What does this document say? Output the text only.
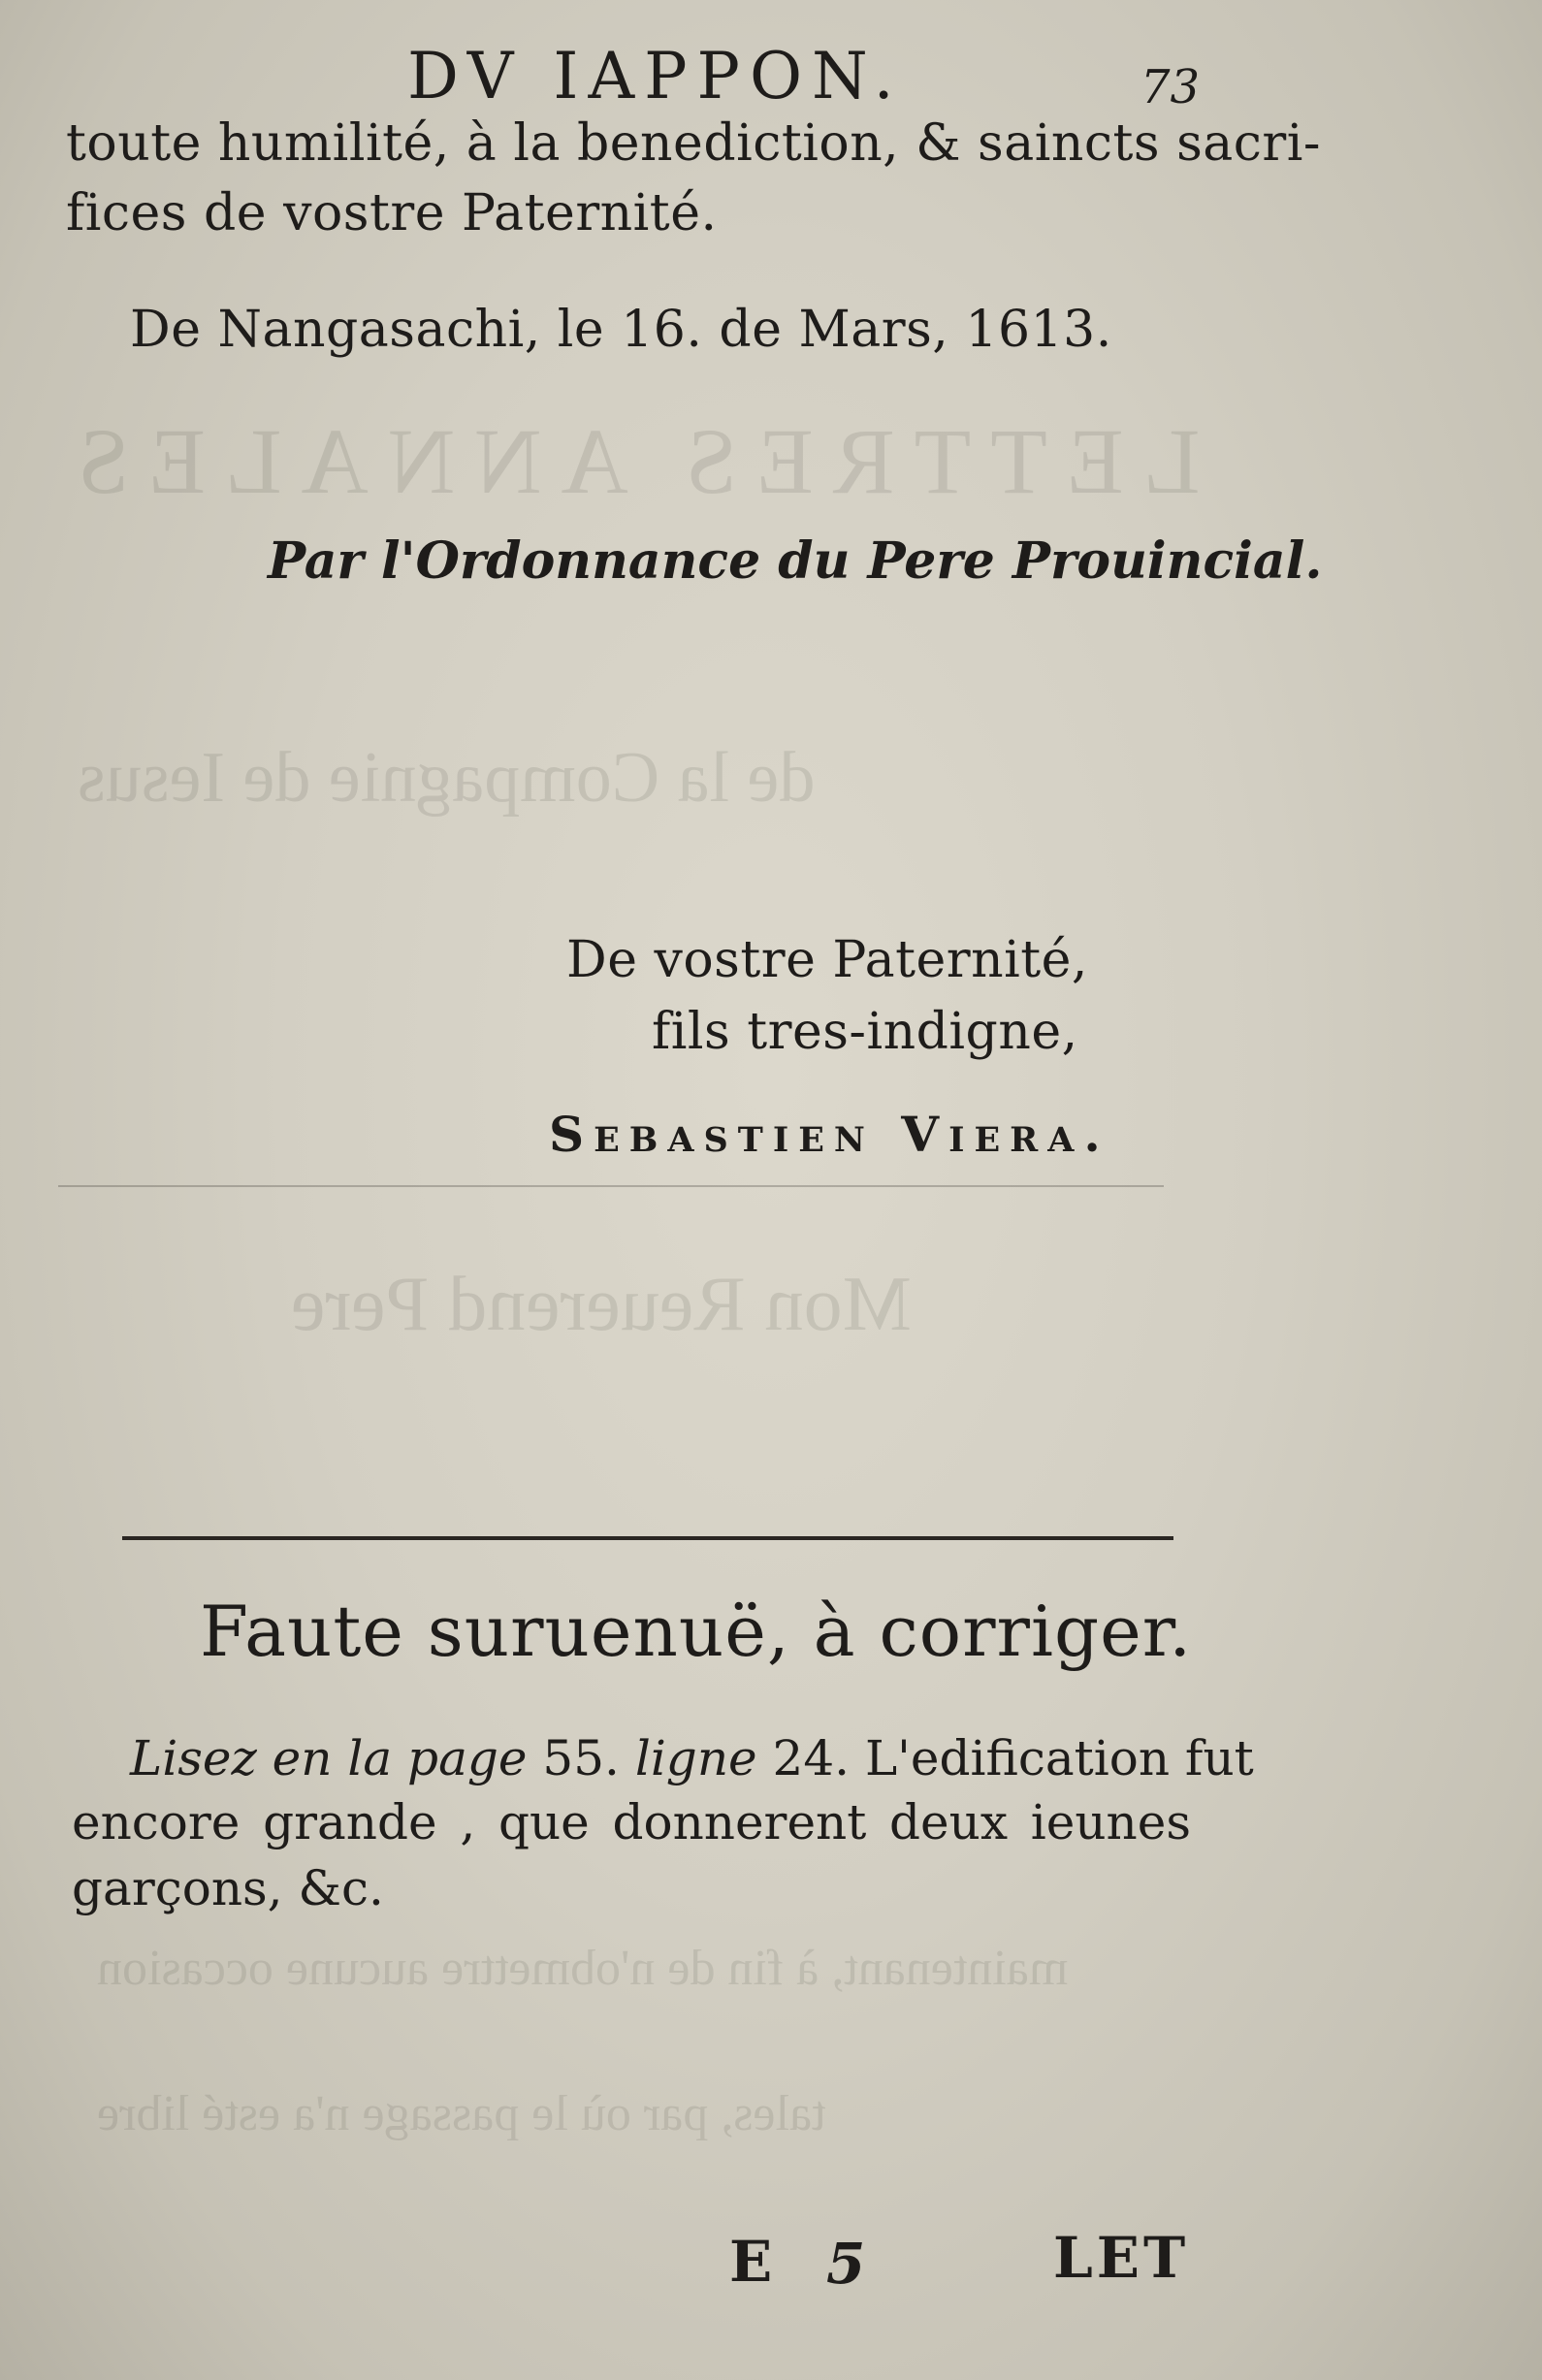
LETTRES ANNALES
de la Compagnie de Iesus
Mon Reuerend Pere
maintenant, à fin de n'obmettre aucune occasion
tales, par où le passage n'a esté libre
DV IAPPON.	73
toute humilité, à la benediction, & saincts sacri-
fices de vostre Paternité.
De Nangasachi, le 16. de Mars, 1613.
Par l'Ordonnance du Pere Prouincial.
De vostre Paternité,
fils tres-indigne,
Sebastien Viera.
Faute suruenuë, à corriger.
Lisez en la page 55. ligne 24. L'edification fut
encore grande , que donnerent deux ieunes
garçons, &c.
E 5	LET
